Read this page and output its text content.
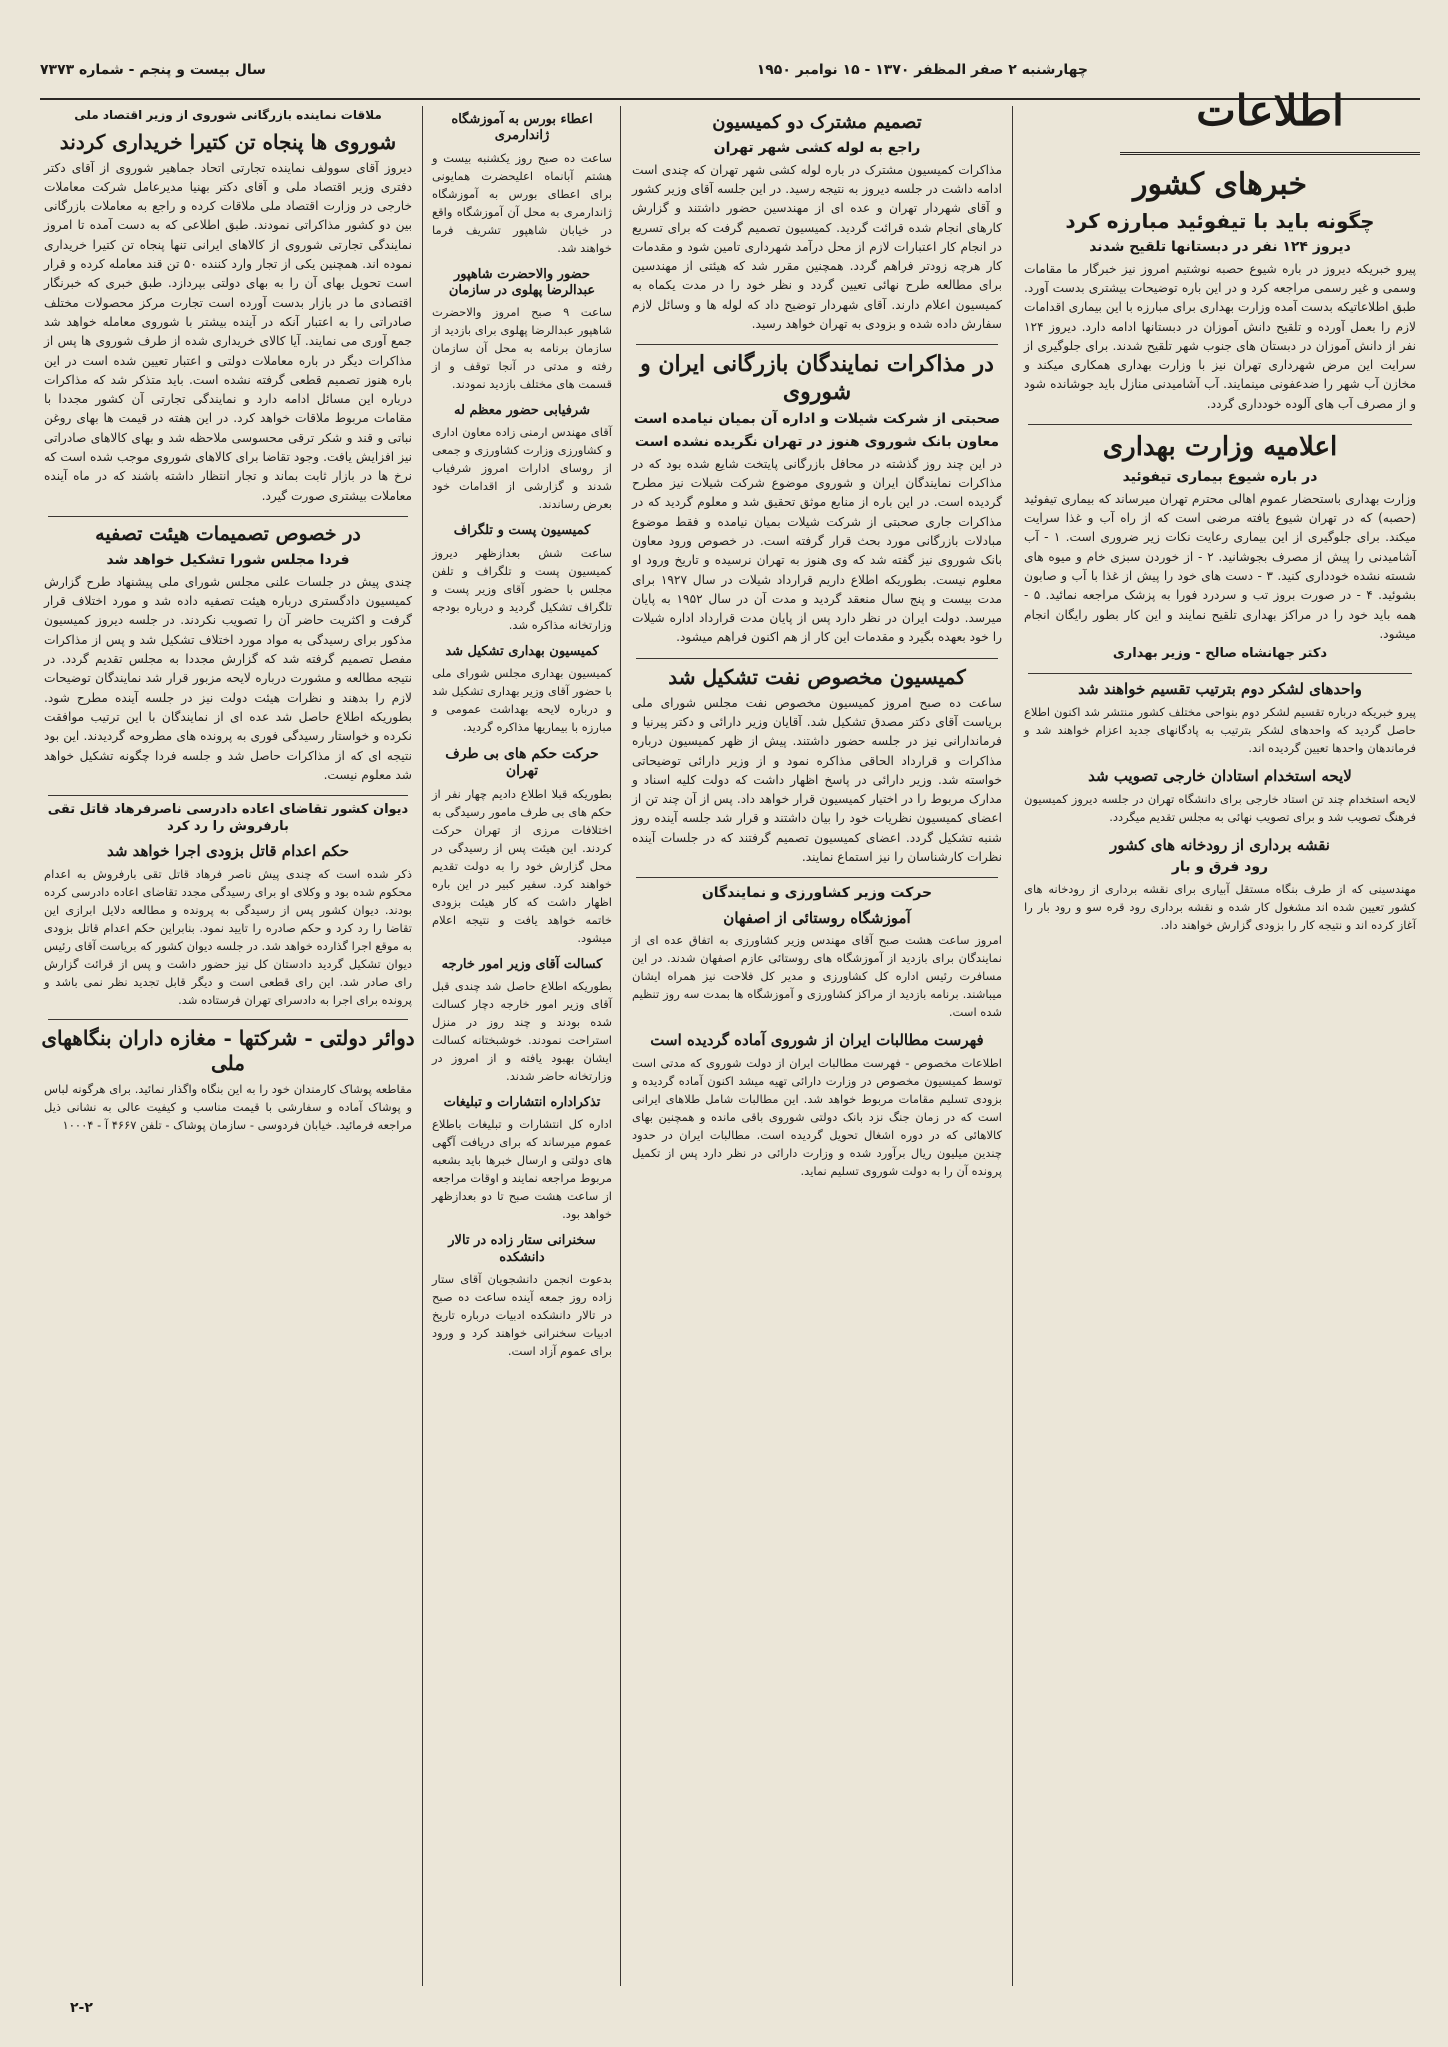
چهارشنبه ۲ صفر المظفر ۱۳۷۰ - ۱۵ نوامبر ۱۹۵۰
سال بیست و پنجم - شماره ۷۳۷۳
اطلاعات
خبرهای کشور
چگونه باید با تیفوئید مبارزه کرد
دیروز ۱۲۴ نفر در دبستانها تلقیح شدند
پیرو خبریکه دیروز در باره شیوع حصبه نوشتیم امروز نیز خبرگار ما مقامات وسمی و غیر رسمی مراجعه کرد و در این باره توضیحات بیشتری بدست آورد. طبق اطلاعاتیکه بدست آمده وزارت بهداری برای مبارزه با این بیماری اقدامات لازم را بعمل آورده و تلقیح دانش آموزان در دبستانها ادامه دارد. دیروز ۱۲۴ نفر از دانش آموزان در دبستان های جنوب شهر تلقیح شدند. برای جلوگیری از سرایت این مرض شهرداری تهران نیز با وزارت بهداری همکاری میکند و مخازن آب شهر را ضدعفونی مینمایند. آب آشامیدنی منازل باید جوشانده شود و از مصرف آب های آلوده خودداری گردد.
اعلامیه وزارت بهداری
در باره شیوع بیماری تیفوئید
وزارت بهداری باستحضار عموم اهالی محترم تهران میرساند که بیماری تیفوئید (حصبه) که در تهران شیوع یافته مرضی است که از راه آب و غذا سرایت میکند. برای جلوگیری از این بیماری رعایت نکات زیر ضروری است. ۱ - آب آشامیدنی را پیش از مصرف بجوشانید. ۲ - از خوردن سبزی خام و میوه های شسته نشده خودداری کنید. ۳ - دست های خود را پیش از غذا با آب و صابون بشوئید. ۴ - در صورت بروز تب و سردرد فورا به پزشک مراجعه نمائید. ۵ - همه باید خود را در مراکز بهداری تلقیح نمایند و این کار بطور رایگان انجام میشود.
دکتر جهانشاه صالح - وزیر بهداری
واحدهای لشکر دوم بترتیب تقسیم خواهند شد
پیرو خبریکه درباره تقسیم لشکر دوم بنواحی مختلف کشور منتشر شد اکنون اطلاع حاصل گردید که واحدهای لشکر بترتیب به پادگانهای جدید اعزام خواهند شد و فرماندهان واحدها تعیین گردیده اند.
لایحه استخدام استادان خارجی تصویب شد
لایحه استخدام چند تن استاد خارجی برای دانشگاه تهران در جلسه دیروز کمیسیون فرهنگ تصویب شد و برای تصویب نهائی به مجلس تقدیم میگردد.
نقشه برداری از رودخانه های کشور
رود فرق و بار
مهندسینی که از طرف بنگاه مستقل آبیاری برای نقشه برداری از رودخانه های کشور تعیین شده اند مشغول کار شده و نقشه برداری رود قره سو و رود بار را آغاز کرده اند و نتیجه کار را بزودی گزارش خواهند داد.
تصمیم مشترک دو کمیسیون
راجع به لوله کشی شهر تهران
مذاکرات کمیسیون مشترک در باره لوله کشی شهر تهران که چندی است ادامه داشت در جلسه دیروز به نتیجه رسید. در این جلسه آقای وزیر کشور و آقای شهردار تهران و عده ای از مهندسین حضور داشتند و گزارش کارهای انجام شده قرائت گردید. کمیسیون تصمیم گرفت که برای تسریع در انجام کار اعتبارات لازم از محل درآمد شهرداری تامین شود و مقدمات کار هرچه زودتر فراهم گردد. همچنین مقرر شد که هیئتی از مهندسین برای مطالعه طرح نهائی تعیین گردد و نظر خود را در مدت یکماه به کمیسیون اعلام دارند. آقای شهردار توضیح داد که لوله ها و وسائل لازم سفارش داده شده و بزودی به تهران خواهد رسید.
در مذاکرات نمایندگان بازرگانی ایران و شوروی
صحبتی از شرکت شیلات و اداره آن بمیان نیامده است
معاون بانک شوروی هنوز در تهران نگریده نشده است
در این چند روز گذشته در محافل بازرگانی پایتخت شایع شده بود که در مذاکرات نمایندگان ایران و شوروی موضوع شرکت شیلات نیز مطرح گردیده است. در این باره از منابع موثق تحقیق شد و معلوم گردید که در مذاکرات جاری صحبتی از شرکت شیلات بمیان نیامده و فقط موضوع مبادلات بازرگانی مورد بحث قرار گرفته است. در خصوص ورود معاون بانک شوروی نیز گفته شد که وی هنوز به تهران نرسیده و تاریخ ورود او معلوم نیست. بطوریکه اطلاع داریم قرارداد شیلات در سال ۱۹۲۷ برای مدت بیست و پنج سال منعقد گردید و مدت آن در سال ۱۹۵۲ به پایان میرسد. دولت ایران در نظر دارد پس از پایان مدت قرارداد اداره شیلات را خود بعهده بگیرد و مقدمات این کار از هم اکنون فراهم میشود.
کمیسیون مخصوص نفت تشکیل شد
ساعت ده صبح امروز کمیسیون مخصوص نفت مجلس شورای ملی بریاست آقای دکتر مصدق تشکیل شد. آقایان وزیر دارائی و دکتر پیرنیا و فرماندارانی نیز در جلسه حضور داشتند. پیش از ظهر کمیسیون درباره مذاکرات و قرارداد الحاقی مذاکره نمود و از وزیر دارائی توضیحاتی خواسته شد. وزیر دارائی در پاسخ اظهار داشت که دولت کلیه اسناد و مدارک مربوط را در اختیار کمیسیون قرار خواهد داد. پس از آن چند تن از اعضای کمیسیون نظریات خود را بیان داشتند و قرار شد جلسه آینده روز شنبه تشکیل گردد. اعضای کمیسیون تصمیم گرفتند که در جلسات آینده نظرات کارشناسان را نیز استماع نمایند.
حرکت وزیر کشاورزی و نمایندگان
آموزشگاه روستائی از اصفهان
امروز ساعت هشت صبح آقای مهندس وزیر کشاورزی به اتفاق عده ای از نمایندگان برای بازدید از آموزشگاه های روستائی عازم اصفهان شدند. در این مسافرت رئیس اداره کل کشاورزی و مدیر کل فلاحت نیز همراه ایشان میباشند. برنامه بازدید از مراکز کشاورزی و آموزشگاه ها بمدت سه روز تنظیم شده است.
فهرست مطالبات ایران از شوروی آماده گردیده است
اطلاعات مخصوص - فهرست مطالبات ایران از دولت شوروی که مدتی است توسط کمیسیون مخصوص در وزارت دارائی تهیه میشد اکنون آماده گردیده و بزودی تسلیم مقامات مربوط خواهد شد. این مطالبات شامل طلاهای ایرانی است که در زمان جنگ نزد بانک دولتی شوروی باقی مانده و همچنین بهای کالاهائی که در دوره اشغال تحویل گردیده است. مطالبات ایران در حدود چندین میلیون ریال برآورد شده و وزارت دارائی در نظر دارد پس از تکمیل پرونده آن را به دولت شوروی تسلیم نماید.
اعطاء بورس به آموزشگاه ژاندارمری
ساعت ده صبح روز یکشنبه بیست و هشتم آبانماه اعلیحضرت همایونی برای اعطای بورس به آموزشگاه ژاندارمری به محل آن آموزشگاه واقع در خیابان شاهپور تشریف فرما خواهند شد.
حضور والاحضرت شاهپور عبدالرضا پهلوی در سازمان
ساعت ۹ صبح امروز والاحضرت شاهپور عبدالرضا پهلوی برای بازدید از سازمان برنامه به محل آن سازمان رفته و مدتی در آنجا توقف و از قسمت های مختلف بازدید نمودند.
شرفیابی حضور معظم له
آقای مهندس ارمنی زاده معاون اداری و کشاورزی وزارت کشاورزی و جمعی از روسای ادارات امروز شرفیاب شدند و گزارشی از اقدامات خود بعرض رساندند.
کمیسیون پست و تلگراف
ساعت شش بعدازظهر دیروز کمیسیون پست و تلگراف و تلفن مجلس با حضور آقای وزیر پست و تلگراف تشکیل گردید و درباره بودجه وزارتخانه مذاکره شد.
کمیسیون بهداری تشکیل شد
کمیسیون بهداری مجلس شورای ملی با حضور آقای وزیر بهداری تشکیل شد و درباره لایحه بهداشت عمومی و مبارزه با بیماریها مذاکره گردید.
حرکت حکم های بی طرف تهران
بطوریکه قبلا اطلاع دادیم چهار نفر از حکم های بی طرف مامور رسیدگی به اختلافات مرزی از تهران حرکت کردند. این هیئت پس از رسیدگی در محل گزارش خود را به دولت تقدیم خواهند کرد. سفیر کبیر در این باره اظهار داشت که کار هیئت بزودی خاتمه خواهد یافت و نتیجه اعلام میشود.
کسالت آقای وزیر امور خارجه
بطوریکه اطلاع حاصل شد چندی قبل آقای وزیر امور خارجه دچار کسالت شده بودند و چند روز در منزل استراحت نمودند. خوشبختانه کسالت ایشان بهبود یافته و از امروز در وزارتخانه حاضر شدند.
تذکراداره انتشارات و تبلیغات
اداره کل انتشارات و تبلیغات باطلاع عموم میرساند که برای دریافت آگهی های دولتی و ارسال خبرها باید بشعبه مربوط مراجعه نمایند و اوقات مراجعه از ساعت هشت صبح تا دو بعدازظهر خواهد بود.
سخنرانی ستار زاده در تالار دانشکده
بدعوت انجمن دانشجویان آقای ستار زاده روز جمعه آینده ساعت ده صبح در تالار دانشکده ادبیات درباره تاریخ ادبیات سخنرانی خواهند کرد و ورود برای عموم آزاد است.
ملاقات نماینده بازرگانی شوروی از وزیر اقتصاد ملی
شوروی ها پنجاه تن کتیرا خریداری کردند
دیروز آقای سوولف نماینده تجارتی اتحاد جماهیر شوروی از آقای دکتر دفتری وزیر اقتصاد ملی و آقای دکتر بهنیا مدیرعامل شرکت معاملات خارجی در وزارت اقتصاد ملی ملاقات کرده و راجع به معاملات بازرگانی بین دو کشور مذاکراتی نمودند. طبق اطلاعی که به دست آمده تا امروز نمایندگی تجارتی شوروی از کالاهای ایرانی تنها پنجاه تن کتیرا خریداری نموده اند. همچنین یکی از تجار وارد کننده ۵۰ تن قند معامله کرده و قرار است تحویل بهای آن را به بهای دولتی بپردازد. طبق خبری که خبرنگار اقتصادی ما در بازار بدست آورده است تجارت مرکز محصولات مختلف صادراتی را به اعتبار آنکه در آینده بیشتر با شوروی معامله خواهد شد جمع آوری می نمایند. آیا کالای خریداری شده از طرف شوروی ها پس از مذاکرات دیگر در باره معاملات دولتی و اعتبار تعیین شده است در این باره هنوز تصمیم قطعی گرفته نشده است. باید متذکر شد که مذاکرات درباره این مسائل ادامه دارد و نمایندگی تجارتی آن کشور مجددا با مقامات مربوط ملاقات خواهد کرد. در این هفته در قیمت ها بهای روغن نباتی و قند و شکر ترقی محسوسی ملاحظه شد و بهای کالاهای صادراتی نیز افزایش یافت. وجود تقاضا برای کالاهای شوروی موجب شده است که نرخ ها در بازار ثابت بماند و تجار انتظار داشته باشند که در ماه آینده معاملات بیشتری صورت گیرد.
در خصوص تصمیمات هیئت تصفیه
فردا مجلس شورا تشکیل خواهد شد
چندی پیش در جلسات علنی مجلس شورای ملی پیشنهاد طرح گزارش کمیسیون دادگستری درباره هیئت تصفیه داده شد و مورد اختلاف قرار گرفت و اکثریت حاضر آن را تصویب نکردند. در جلسه دیروز کمیسیون مذکور برای رسیدگی به مواد مورد اختلاف تشکیل شد و پس از مذاکرات مفصل تصمیم گرفته شد که گزارش مجددا به مجلس تقدیم گردد. در نتیجه مطالعه و مشورت درباره لایحه مزبور قرار شد نمایندگان توضیحات لازم را بدهند و نظرات هیئت دولت نیز در جلسه آینده مطرح شود. بطوریکه اطلاع حاصل شد عده ای از نمایندگان با این ترتیب موافقت نکرده و خواستار رسیدگی فوری به پرونده های مطروحه گردیدند. این بود نتیجه ای که از مذاکرات حاصل شد و جلسه فردا چگونه تشکیل خواهد شد معلوم نیست.
دیوان کشور تقاضای اعاده دادرسی ناصرفرهاد قاتل تقی بارفروش را رد کرد
حکم اعدام قاتل بزودی اجرا خواهد شد
ذکر شده است که چندی پیش ناصر فرهاد قاتل تقی بارفروش به اعدام محکوم شده بود و وکلای او برای رسیدگی مجدد تقاضای اعاده دادرسی کرده بودند. دیوان کشور پس از رسیدگی به پرونده و مطالعه دلایل ابرازی این تقاضا را رد کرد و حکم صادره را تایید نمود. بنابراین حکم اعدام قاتل بزودی به موقع اجرا گذارده خواهد شد. در جلسه دیوان کشور که بریاست آقای رئیس دیوان تشکیل گردید دادستان کل نیز حضور داشت و پس از قرائت گزارش رای صادر شد. این رای قطعی است و دیگر قابل تجدید نظر نمی باشد و پرونده برای اجرا به دادسرای تهران فرستاده شد.
دوائر دولتی - شرکتها - مغازه داران بنگاههای ملی
مقاطعه پوشاک کارمندان خود را به این بنگاه واگذار نمائید. برای هرگونه لباس و پوشاک آماده و سفارشی با قیمت مناسب و کیفیت عالی به نشانی ذیل مراجعه فرمائید. خیابان فردوسی - سازمان پوشاک - تلفن ۴۶۶۷ آ - ۱۰۰۰۴
۲-۲
